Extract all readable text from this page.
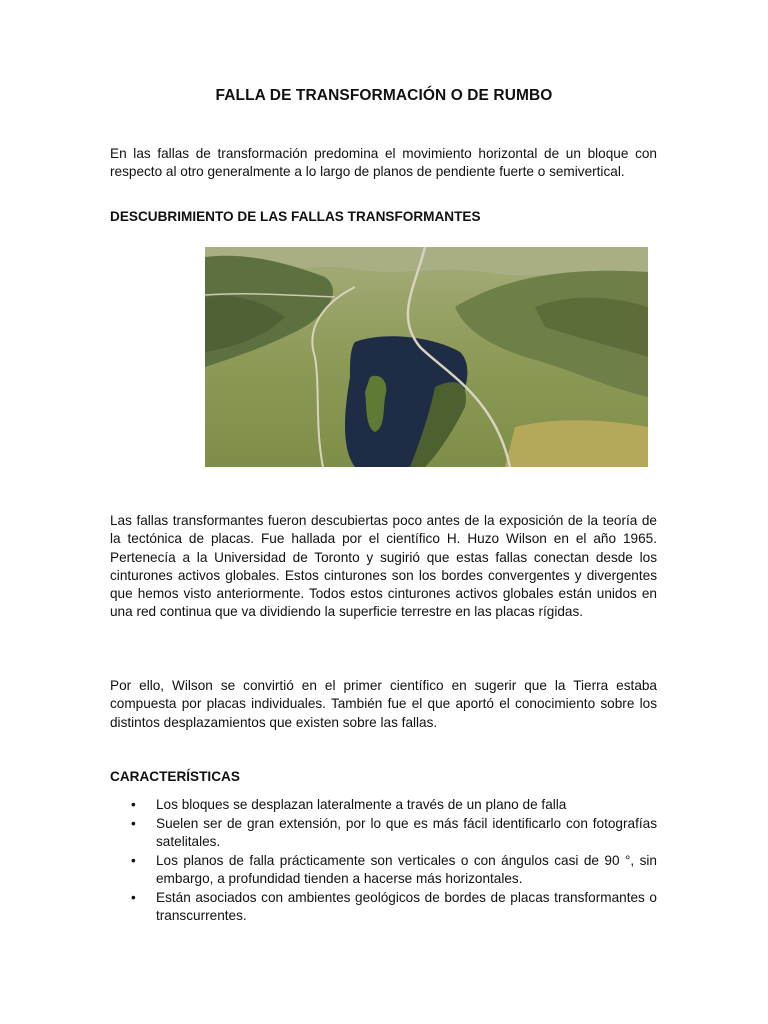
FALLA DE TRANSFORMACIÓN O DE RUMBO

En las fallas de transformación predomina el movimiento horizontal de un bloque con respecto al otro generalmente a lo largo de planos de pendiente fuerte o semivertical.

DESCUBRIMIENTO DE LAS FALLAS TRANSFORMANTES

Las fallas transformantes fueron descubiertas poco antes de la exposición de la teoría de la tectónica de placas. Fue hallada por el científico H. Huzo Wilson en el año 1965. Pertenecía a la Universidad de Toronto y sugirió que estas fallas conectan desde los cinturones activos globales. Estos cinturones son los bordes convergentes y divergentes que hemos visto anteriormente. Todos estos cinturones activos globales están unidos en una red continua que va dividiendo la superficie terrestre en las placas rígidas.

Por ello, Wilson se convirtió en el primer científico en sugerir que la Tierra estaba compuesta por placas individuales. También fue el que aportó el conocimiento sobre los distintos desplazamientos que existen sobre las fallas.

CARACTERÍSTICAS

• Los bloques se desplazan lateralmente a través de un plano de falla
• Suelen ser de gran extensión, por lo que es más fácil identificarlo con fotografías satelitales.
• Los planos de falla prácticamente son verticales o con ángulos casi de 90 °, sin embargo, a profundidad tienden a hacerse más horizontales.
• Están asociados con ambientes geológicos de bordes de placas transformantes o transcurrentes.
